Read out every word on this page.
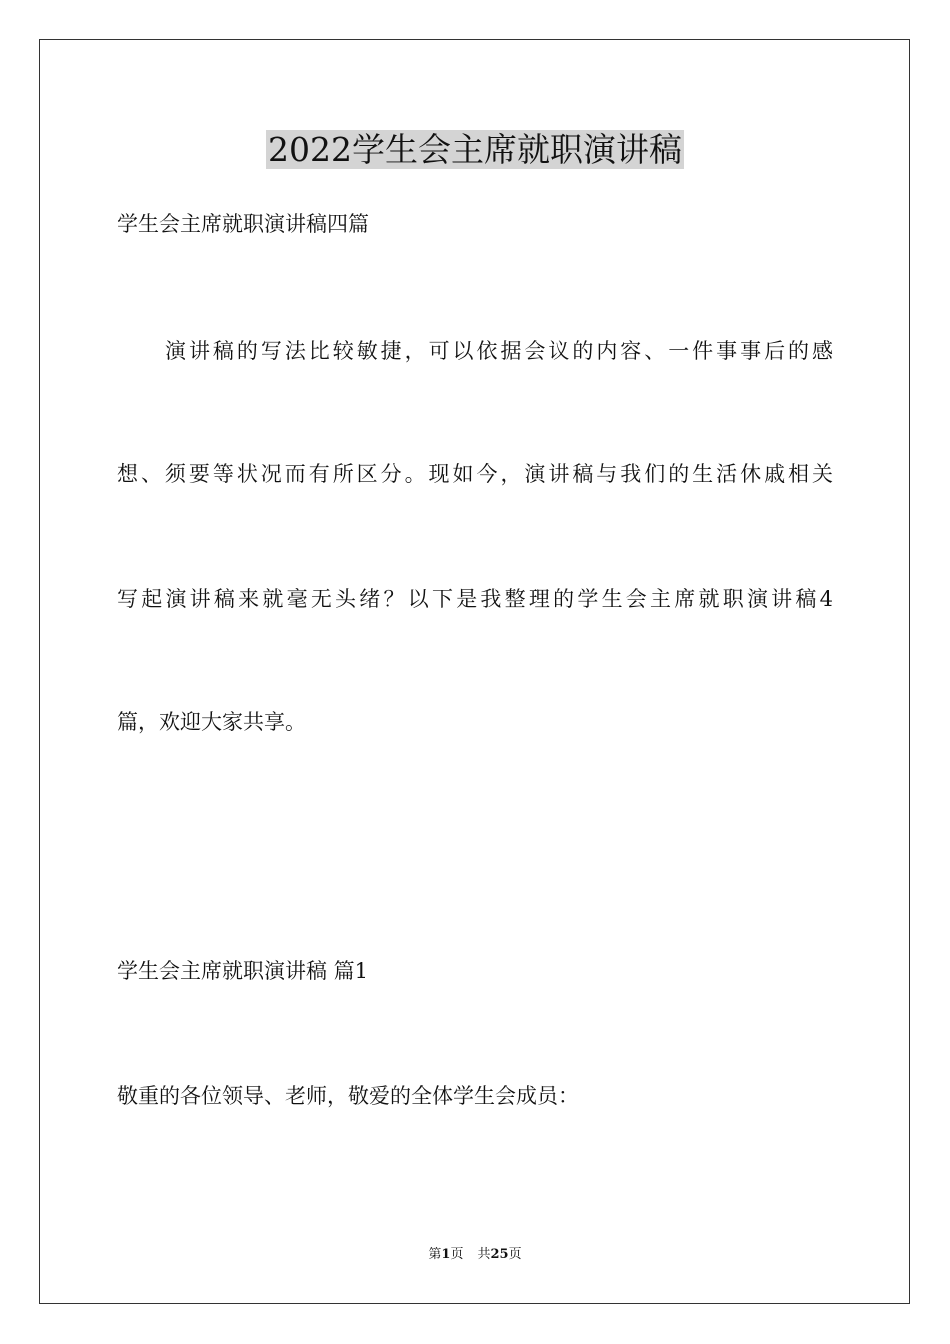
2022学生会主席就职演讲稿
学生会主席就职演讲稿四篇
演讲稿的写法比较敏捷，可以依据会议的内容、一件事事后的感
想、须要等状况而有所区分。现如今，演讲稿与我们的生活休戚相关
写起演讲稿来就毫无头绪？以下是我整理的学生会主席就职演讲稿4
篇，欢迎大家共享。
学生会主席就职演讲稿 篇1
敬重的各位领导、老师，敬爱的全体学生会成员：
第1页 共25页
